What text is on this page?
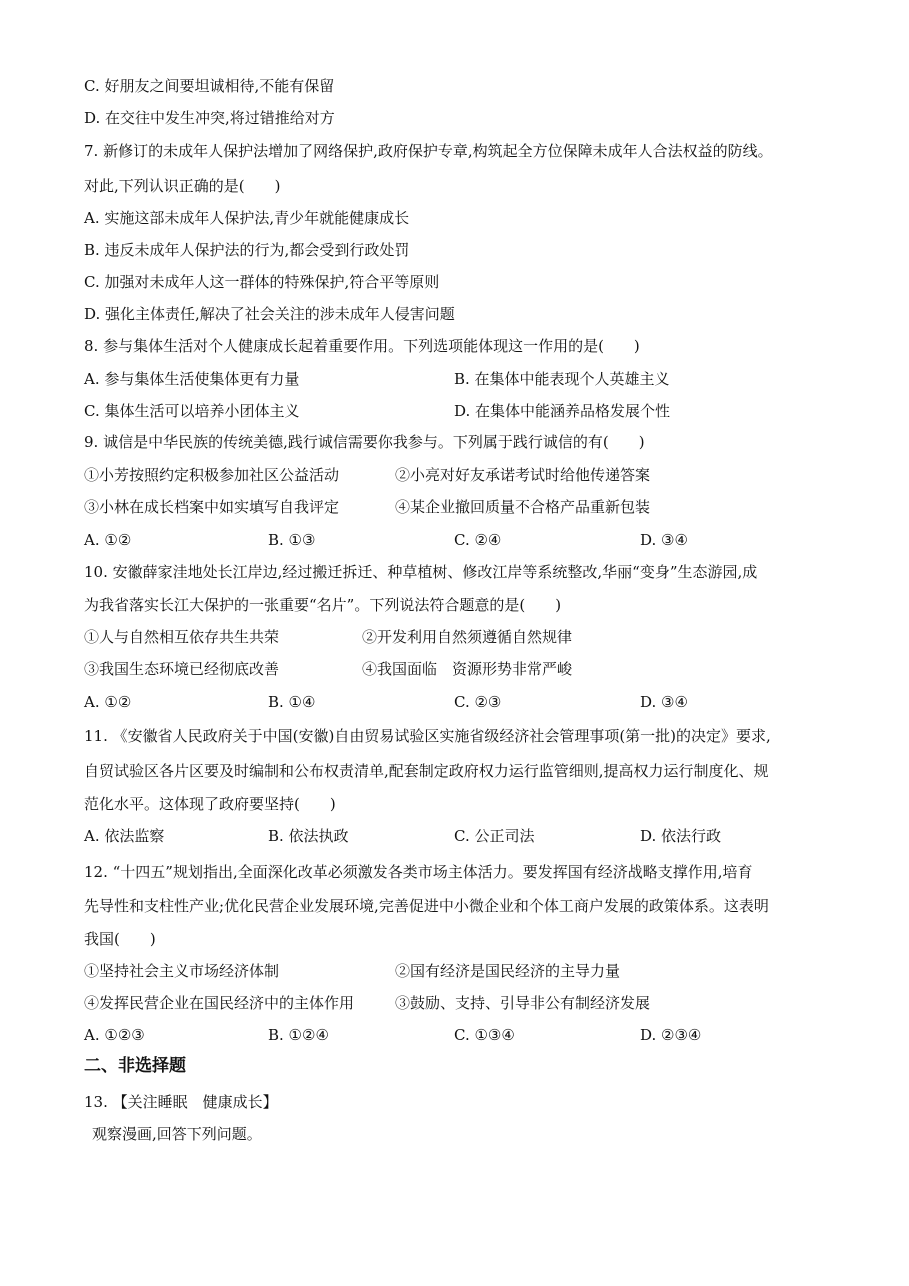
C. 好朋友之间要坦诚相待,不能有保留
D. 在交往中发生冲突,将过错推给对方
7. 新修订的未成年人保护法增加了网络保护,政府保护专章,构筑起全方位保障未成年人合法权益的防线。
对此,下列认识正确的是(　　)
A. 实施这部未成年人保护法,青少年就能健康成长
B. 违反未成年人保护法的行为,都会受到行政处罚
C. 加强对未成年人这一群体的特殊保护,符合平等原则
D. 强化主体责任,解决了社会关注的涉未成年人侵害问题
8. 参与集体生活对个人健康成长起着重要作用。下列选项能体现这一作用的是(　　)
A. 参与集体生活使集体更有力量	B. 在集体中能表现个人英雄主义
C. 集体生活可以培养小团体主义	D. 在集体中能涵养品格发展个性
9. 诚信是中华民族的传统美德,践行诚信需要你我参与。下列属于践行诚信的有(　　)
①小芳按照约定积极参加社区公益活动	②小亮对好友承诺考试时给他传递答案
③小林在成长档案中如实填写自我评定	④某企业撤回质量不合格产品重新包装
A. ①②	B. ①③	C. ②④	D. ③④
10. 安徽薛家洼地处长江岸边,经过搬迁拆迁、种草植树、修改江岸等系统整改,华丽“变身”生态游园,成
为我省落实长江大保护的一张重要“名片”。下列说法符合题意的是(　　)
①人与自然相互依存共生共荣	②开发利用自然须遵循自然规律
③我国生态环境已经彻底改善	④我国面临　资源形势非常严峻
A. ①②	B. ①④	C. ②③	D. ③④
11. 《安徽省人民政府关于中国(安徽)自由贸易试验区实施省级经济社会管理事项(第一批)的决定》要求,
自贸试验区各片区要及时编制和公布权责清单,配套制定政府权力运行监管细则,提高权力运行制度化、规
范化水平。这体现了政府要坚持(　　)
A. 依法监察	B. 依法执政	C. 公正司法	D. 依法行政
12. “十四五”规划指出,全面深化改革必须激发各类市场主体活力。要发挥国有经济战略支撑作用,培育
先导性和支柱性产业;优化民营企业发展环境,完善促进中小微企业和个体工商户发展的政策体系。这表明
我国(　　)
①坚持社会主义市场经济体制	②国有经济是国民经济的主导力量
④发挥民营企业在国民经济中的主体作用	③鼓励、支持、引导非公有制经济发展
A. ①②③	B. ①②④	C. ①③④	D. ②③④
二、非选择题
13. 【关注睡眠　健康成长】
观察漫画,回答下列问题。
